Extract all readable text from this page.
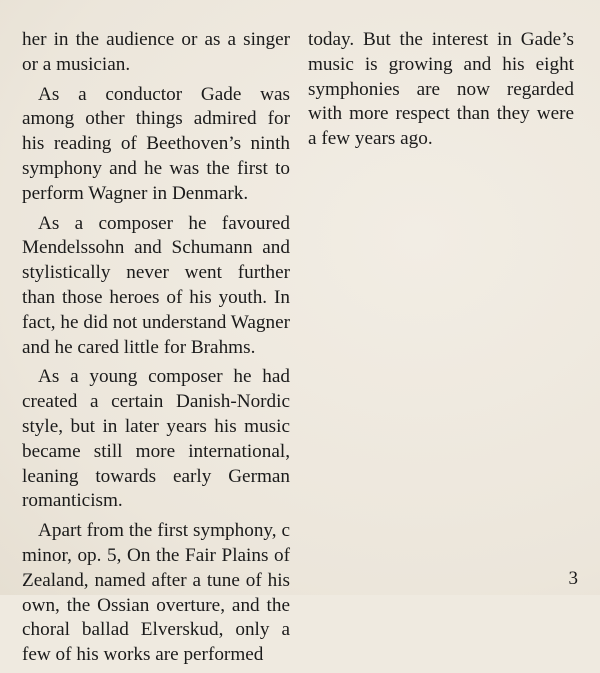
her in the audience or as a singer or a musician.

As a conductor Gade was among other things admired for his reading of Beethoven’s ninth symphony and he was the first to perform Wagner in Denmark.

As a composer he favoured Mendelssohn and Schumann and stylistically never went further than those heroes of his youth. In fact, he did not understand Wagner and he cared little for Brahms.

As a young composer he had created a certain Danish-Nordic style, but in later years his music became still more international, leaning towards early German romanticism.

Apart from the first symphony, c minor, op. 5, On the Fair Plains of Zealand, named after a tune of his own, the Ossian overture, and the choral ballad Elverskud, only a few of his works are performed

today. But the interest in Gade’s music is growing and his eight symphonies are now regarded with more respect than they were a few years ago.

3
